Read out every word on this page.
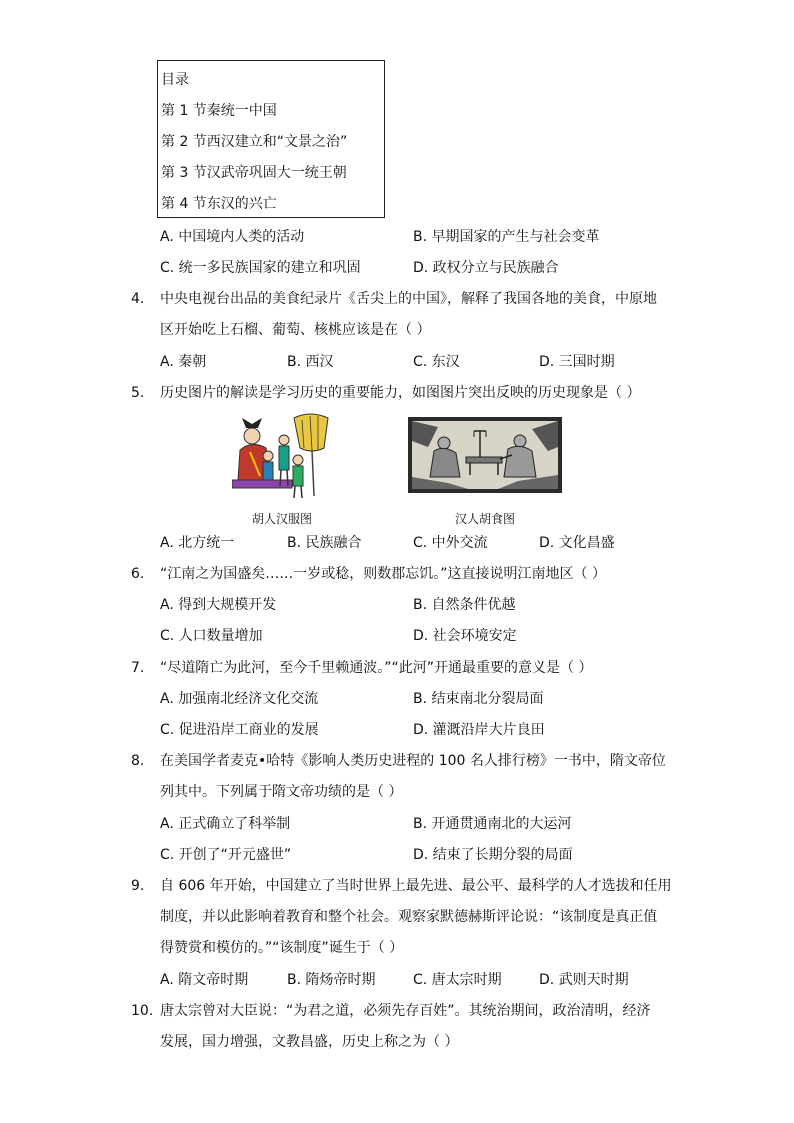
目录
第 1 节秦统一中国
第 2 节西汉建立和“文景之治”
第 3 节汉武帝巩固大一统王朝
第 4 节东汉的兴亡
A. 中国境内人类的活动	B. 早期国家的产生与社会变革
C. 统一多民族国家的建立和巩固	D. 政权分立与民族融合
4. 中央电视台出品的美食纪录片《舌尖上的中国》，解释了我国各地的美食，中原地
区开始吃上石榴、葡萄、核桃应该是在（ ）
A. 秦朝	B. 西汉	C. 东汉	D. 三国时期
5. 历史图片的解读是学习历史的重要能力，如图图片突出反映的历史现象是（ ）
胡人汉服图	汉人胡食图
A. 北方统一	B. 民族融合	C. 中外交流	D. 文化昌盛
6. “江南之为国盛矣……一岁或稔，则数郡忘饥。”这直接说明江南地区（ ）
A. 得到大规模开发	B. 自然条件优越
C. 人口数量增加	D. 社会环境安定
7. “尽道隋亡为此河，至今千里赖通波。”“此河”开通最重要的意义是（ ）
A. 加强南北经济文化交流	B. 结束南北分裂局面
C. 促进沿岸工商业的发展	D. 灌溉沿岸大片良田
8. 在美国学者麦克•哈特《影响人类历史进程的 100 名人排行榜》一书中，隋文帝位
列其中。下列属于隋文帝功绩的是（ ）
A. 正式确立了科举制	B. 开通贯通南北的大运河
C. 开创了“开元盛世”	D. 结束了长期分裂的局面
9. 自 606 年开始，中国建立了当时世界上最先进、最公平、最科学的人才选拔和任用
制度，并以此影响着教育和整个社会。观察家默德赫斯评论说：“该制度是真正值
得赞赏和模仿的。”“该制度”诞生于（ ）
A. 隋文帝时期	B. 隋炀帝时期	C. 唐太宗时期	D. 武则天时期
10. 唐太宗曾对大臣说：“为君之道，必须先存百姓”。其统治期间，政治清明，经济
发展，国力增强，文教昌盛，历史上称之为（ ）
